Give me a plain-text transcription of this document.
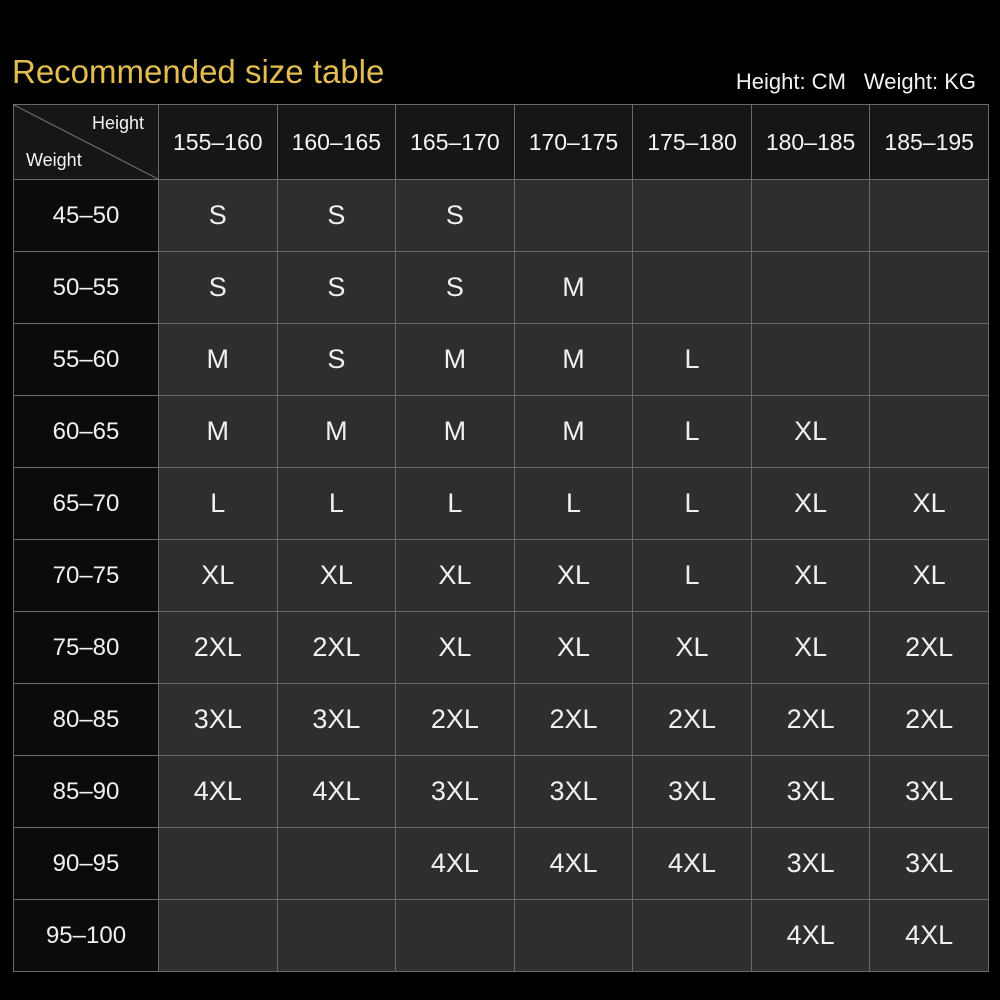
Recommended size table	Height: CM Weight: KG
Height
Weight	155–160	160–165	165–170	170–175	175–180	180–185	185–195
45–50	S	S	S				
50–55	S	S	S	M			
55–60	M	S	M	M	L		
60–65	M	M	M	M	L	XL	
65–70	L	L	L	L	L	XL	XL
70–75	XL	XL	XL	XL	L	XL	XL
75–80	2XL	2XL	XL	XL	XL	XL	2XL
80–85	3XL	3XL	2XL	2XL	2XL	2XL	2XL
85–90	4XL	4XL	3XL	3XL	3XL	3XL	3XL
90–95			4XL	4XL	4XL	3XL	3XL
95–100						4XL	4XL
